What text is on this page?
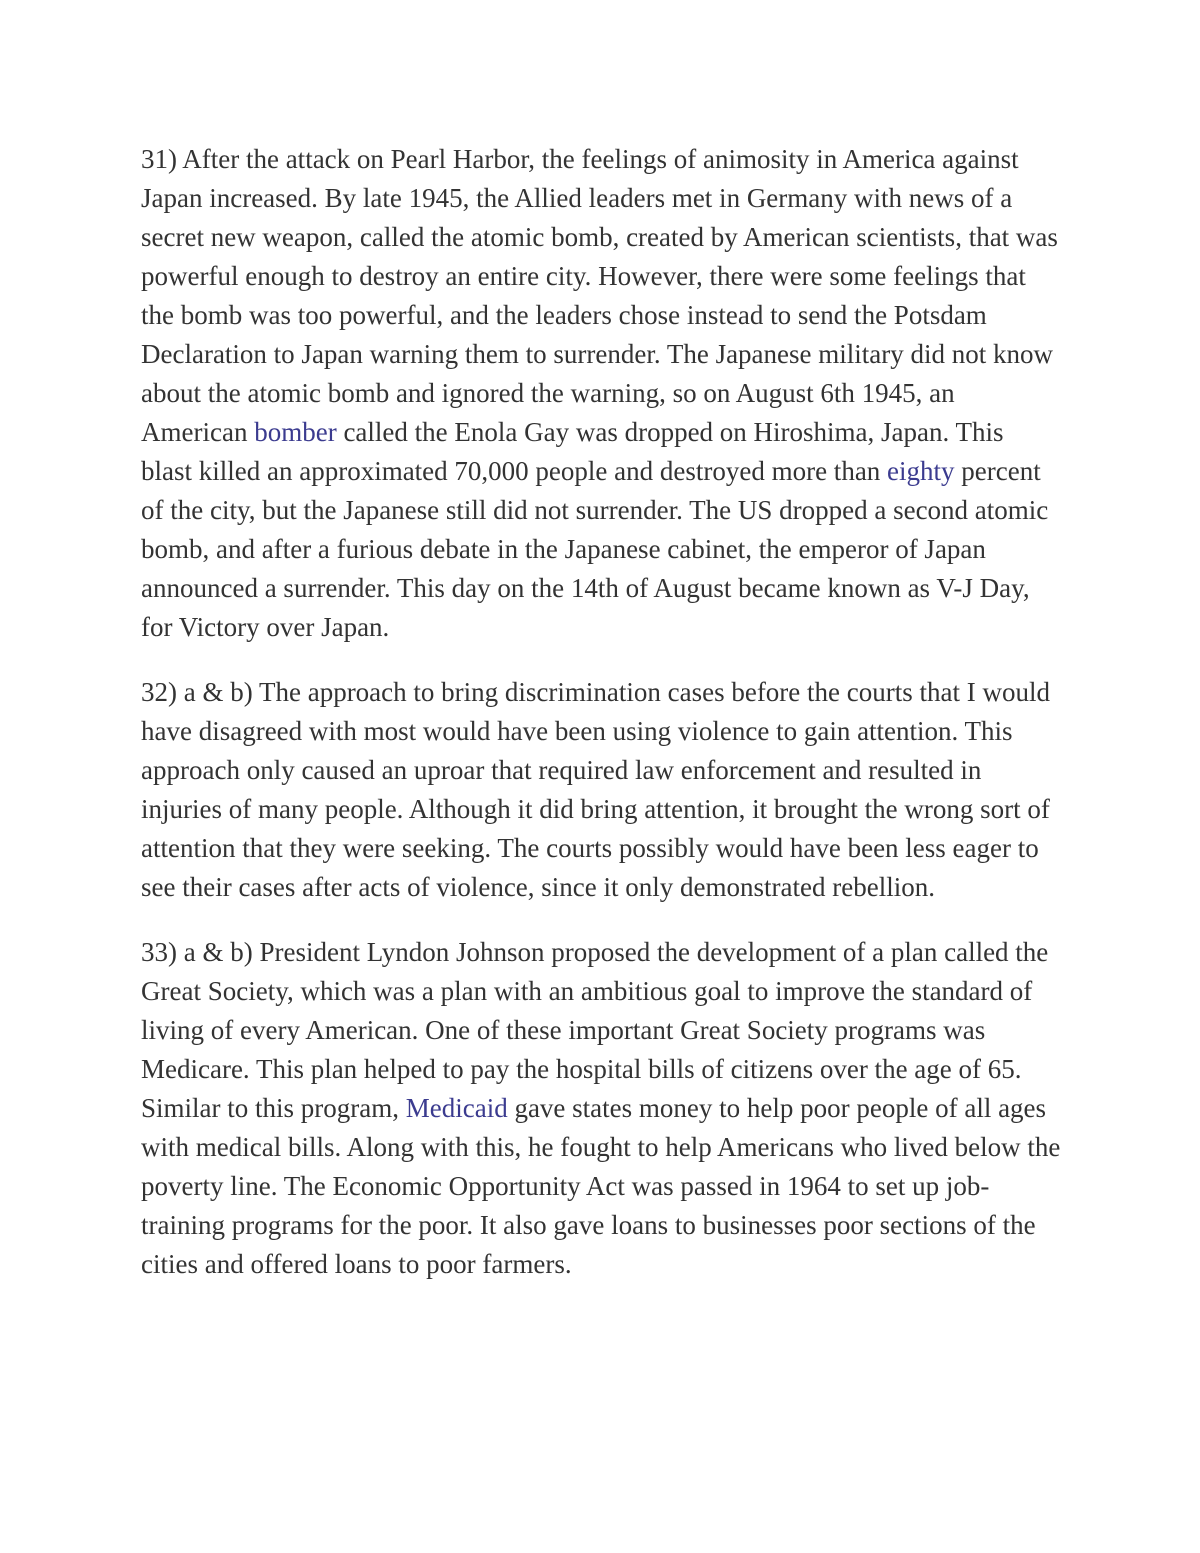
31) After the attack on Pearl Harbor, the feelings of animosity in America against Japan increased. By late 1945, the Allied leaders met in Germany with news of a secret new weapon, called the atomic bomb, created by American scientists, that was powerful enough to destroy an entire city. However, there were some feelings that the bomb was too powerful, and the leaders chose instead to send the Potsdam Declaration to Japan warning them to surrender. The Japanese military did not know about the atomic bomb and ignored the warning, so on August 6th 1945, an American bomber called the Enola Gay was dropped on Hiroshima, Japan. This blast killed an approximated 70,000 people and destroyed more than eighty percent of the city, but the Japanese still did not surrender. The US dropped a second atomic bomb, and after a furious debate in the Japanese cabinet, the emperor of Japan announced a surrender. This day on the 14th of August became known as V-J Day, for Victory over Japan.

32) a & b) The approach to bring discrimination cases before the courts that I would have disagreed with most would have been using violence to gain attention. This approach only caused an uproar that required law enforcement and resulted in injuries of many people. Although it did bring attention, it brought the wrong sort of attention that they were seeking. The courts possibly would have been less eager to see their cases after acts of violence, since it only demonstrated rebellion.

33) a & b) President Lyndon Johnson proposed the development of a plan called the Great Society, which was a plan with an ambitious goal to improve the standard of living of every American. One of these important Great Society programs was Medicare. This plan helped to pay the hospital bills of citizens over the age of 65. Similar to this program, Medicaid gave states money to help poor people of all ages with medical bills. Along with this, he fought to help Americans who lived below the poverty line. The Economic Opportunity Act was passed in 1964 to set up job-training programs for the poor. It also gave loans to businesses poor sections of the cities and offered loans to poor farmers.
